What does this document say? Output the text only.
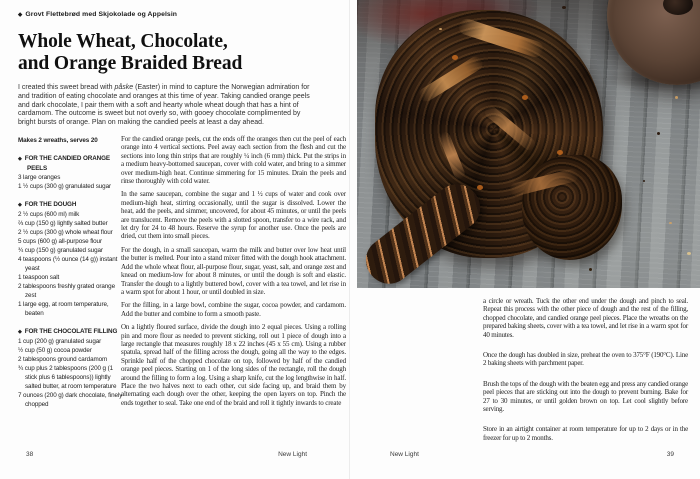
◆ Grovt Flettebrød med Skjokolade og Appelsin
Whole Wheat, Chocolate,
and Orange Braided Bread

I created this sweet bread with påske (Easter) in mind to capture the Norwegian admiration for and tradition of eating chocolate and oranges at this time of year. Taking candied orange peels and dark chocolate, I pair them with a soft and hearty whole wheat dough that has a hint of cardamom. The outcome is sweet but not overly so, with gooey chocolate complimented by bright bursts of orange. Plan on making the candied peels at least a day ahead.

Makes 2 wreaths, serves 20
◆ FOR THE CANDIED ORANGE PEELS
3 large oranges
1 ½ cups (300 g) granulated sugar
◆ FOR THE DOUGH
2 ½ cups (600 ml) milk
⅔ cup (150 g) lightly salted butter
2 ½ cups (300 g) whole wheat flour
5 cups (600 g) all-purpose flour
¾ cup (150 g) granulated sugar
4 teaspoons (½ ounce (14 g)) instant yeast
1 teaspoon salt
2 tablespoons freshly grated orange zest
1 large egg, at room temperature, beaten
◆ FOR THE CHOCOLATE FILLING
1 cup (200 g) granulated sugar
½ cup (50 g) cocoa powder
2 tablespoons ground cardamom
¾ cup plus 2 tablespoons (200 g (1 stick plus 6 tablespoons)) lightly salted butter, at room temperature
7 ounces (200 g) dark chocolate, finely chopped

For the candied orange peels, cut the ends off the oranges then cut the peel of each orange into 4 vertical sections. Peel away each section from the flesh and cut the sections into long thin strips that are roughly ¼ inch (6 mm) thick. Put the strips in a medium heavy-bottomed saucepan, cover with cold water, and bring to a simmer over medium-high heat. Continue simmering for 15 minutes. Drain the peels and rinse thoroughly with cold water.

In the same saucepan, combine the sugar and 1 ½ cups of water and cook over medium-high heat, stirring occasionally, until the sugar is dissolved. Lower the heat, add the peels, and simmer, uncovered, for about 45 minutes, or until the peels are translucent. Remove the peels with a slotted spoon, transfer to a wire rack, and let dry for 24 to 48 hours. Reserve the syrup for another use. Once the peels are dried, cut them into small pieces.

For the dough, in a small saucepan, warm the milk and butter over low heat until the butter is melted. Pour into a stand mixer fitted with the dough hook attachment. Add the whole wheat flour, all-purpose flour, sugar, yeast, salt, and orange zest and knead on medium-low for about 8 minutes, or until the dough is soft and elastic. Transfer the dough to a lightly buttered bowl, cover with a tea towel, and let rise in a warm spot for about 1 hour, or until doubled in size.

For the filling, in a large bowl, combine the sugar, cocoa powder, and cardamom. Add the butter and combine to form a smooth paste.

On a lightly floured surface, divide the dough into 2 equal pieces. Using a rolling pin and more flour as needed to prevent sticking, roll out 1 piece of dough into a large rectangle that measures roughly 18 x 22 inches (45 x 55 cm). Using a rubber spatula, spread half of the filling across the dough, going all the way to the edges. Sprinkle half of the chopped chocolate on top, followed by half of the candied orange peel pieces. Starting on 1 of the long sides of the rectangle, roll the dough around the filling to form a log. Using a sharp knife, cut the log lengthwise in half. Place the two halves next to each other, cut side facing up, and braid them by alternating each dough over the other, keeping the open layers on top. Pinch the ends together to seal. Take one end of the braid and roll it tightly inwards to create

38	New Light

a circle or wreath. Tuck the other end under the dough and pinch to seal. Repeat this process with the other piece of dough and the rest of the filling, chopped chocolate, and candied orange peel pieces. Place the wreaths on the prepared baking sheets, cover with a tea towel, and let rise in a warm spot for 40 minutes.

Once the dough has doubled in size, preheat the oven to 375°F (190°C). Line 2 baking sheets with parchment paper.

Brush the tops of the dough with the beaten egg and press any candied orange peel pieces that are sticking out into the dough to prevent burning. Bake for 27 to 30 minutes, or until golden brown on top. Let cool slightly before serving.

Store in an airtight container at room temperature for up to 2 days or in the freezer for up to 2 months.

New Light	39
